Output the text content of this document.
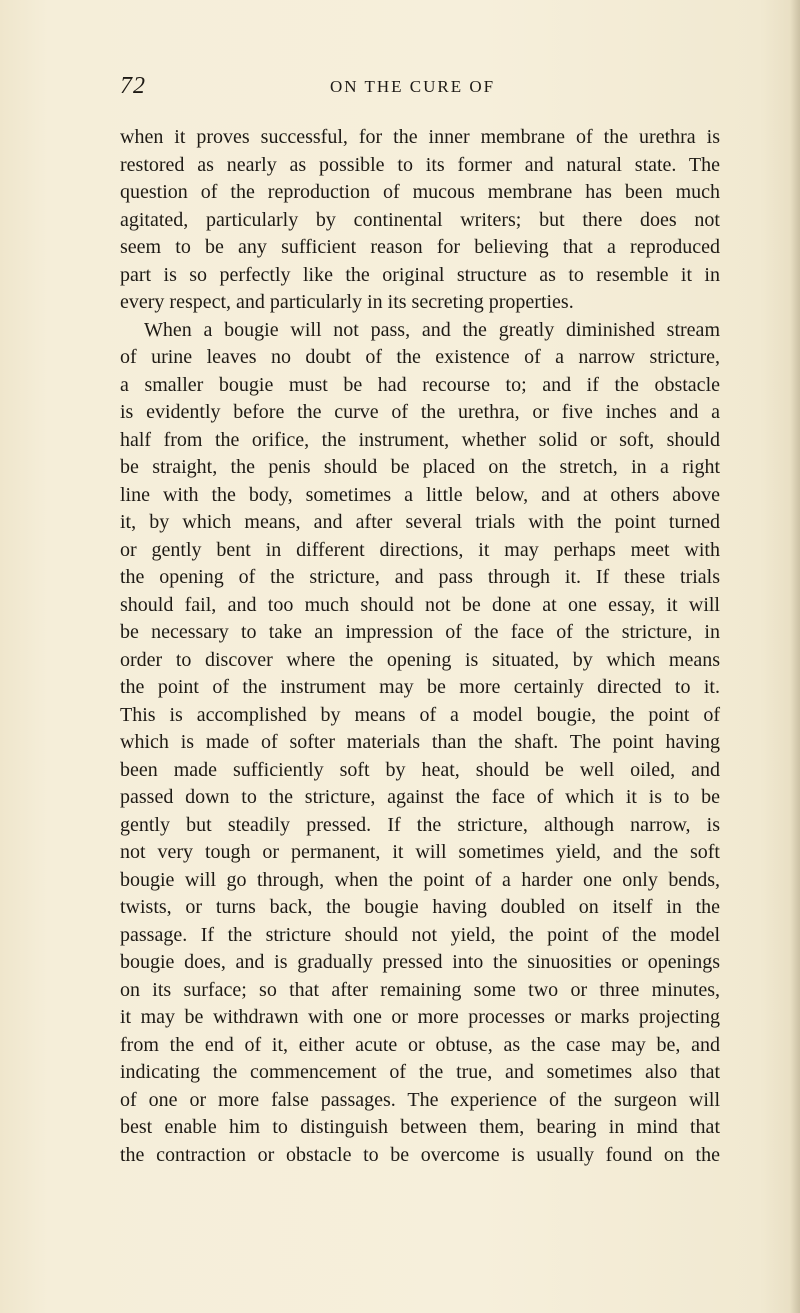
72	ON THE CURE OF
when it proves successful, for the inner membrane of the urethra is
restored as nearly as possible to its former and natural state. The
question of the reproduction of mucous membrane has been much
agitated, particularly by continental writers; but there does not
seem to be any sufficient reason for believing that a reproduced
part is so perfectly like the original structure as to resemble it in
every respect, and particularly in its secreting properties.
When a bougie will not pass, and the greatly diminished stream
of urine leaves no doubt of the existence of a narrow stricture,
a smaller bougie must be had recourse to; and if the obstacle
is evidently before the curve of the urethra, or five inches and a
half from the orifice, the instrument, whether solid or soft, should
be straight, the penis should be placed on the stretch, in a right
line with the body, sometimes a little below, and at others above
it, by which means, and after several trials with the point turned
or gently bent in different directions, it may perhaps meet with
the opening of the stricture, and pass through it. If these trials
should fail, and too much should not be done at one essay, it will
be necessary to take an impression of the face of the stricture, in
order to discover where the opening is situated, by which means
the point of the instrument may be more certainly directed to it.
This is accomplished by means of a model bougie, the point of
which is made of softer materials than the shaft. The point having
been made sufficiently soft by heat, should be well oiled, and
passed down to the stricture, against the face of which it is to be
gently but steadily pressed. If the stricture, although narrow, is
not very tough or permanent, it will sometimes yield, and the soft
bougie will go through, when the point of a harder one only bends,
twists, or turns back, the bougie having doubled on itself in the
passage. If the stricture should not yield, the point of the model
bougie does, and is gradually pressed into the sinuosities or openings
on its surface; so that after remaining some two or three minutes,
it may be withdrawn with one or more processes or marks projecting
from the end of it, either acute or obtuse, as the case may be, and
indicating the commencement of the true, and sometimes also that
of one or more false passages. The experience of the surgeon will
best enable him to distinguish between them, bearing in mind that
the contraction or obstacle to be overcome is usually found on the
